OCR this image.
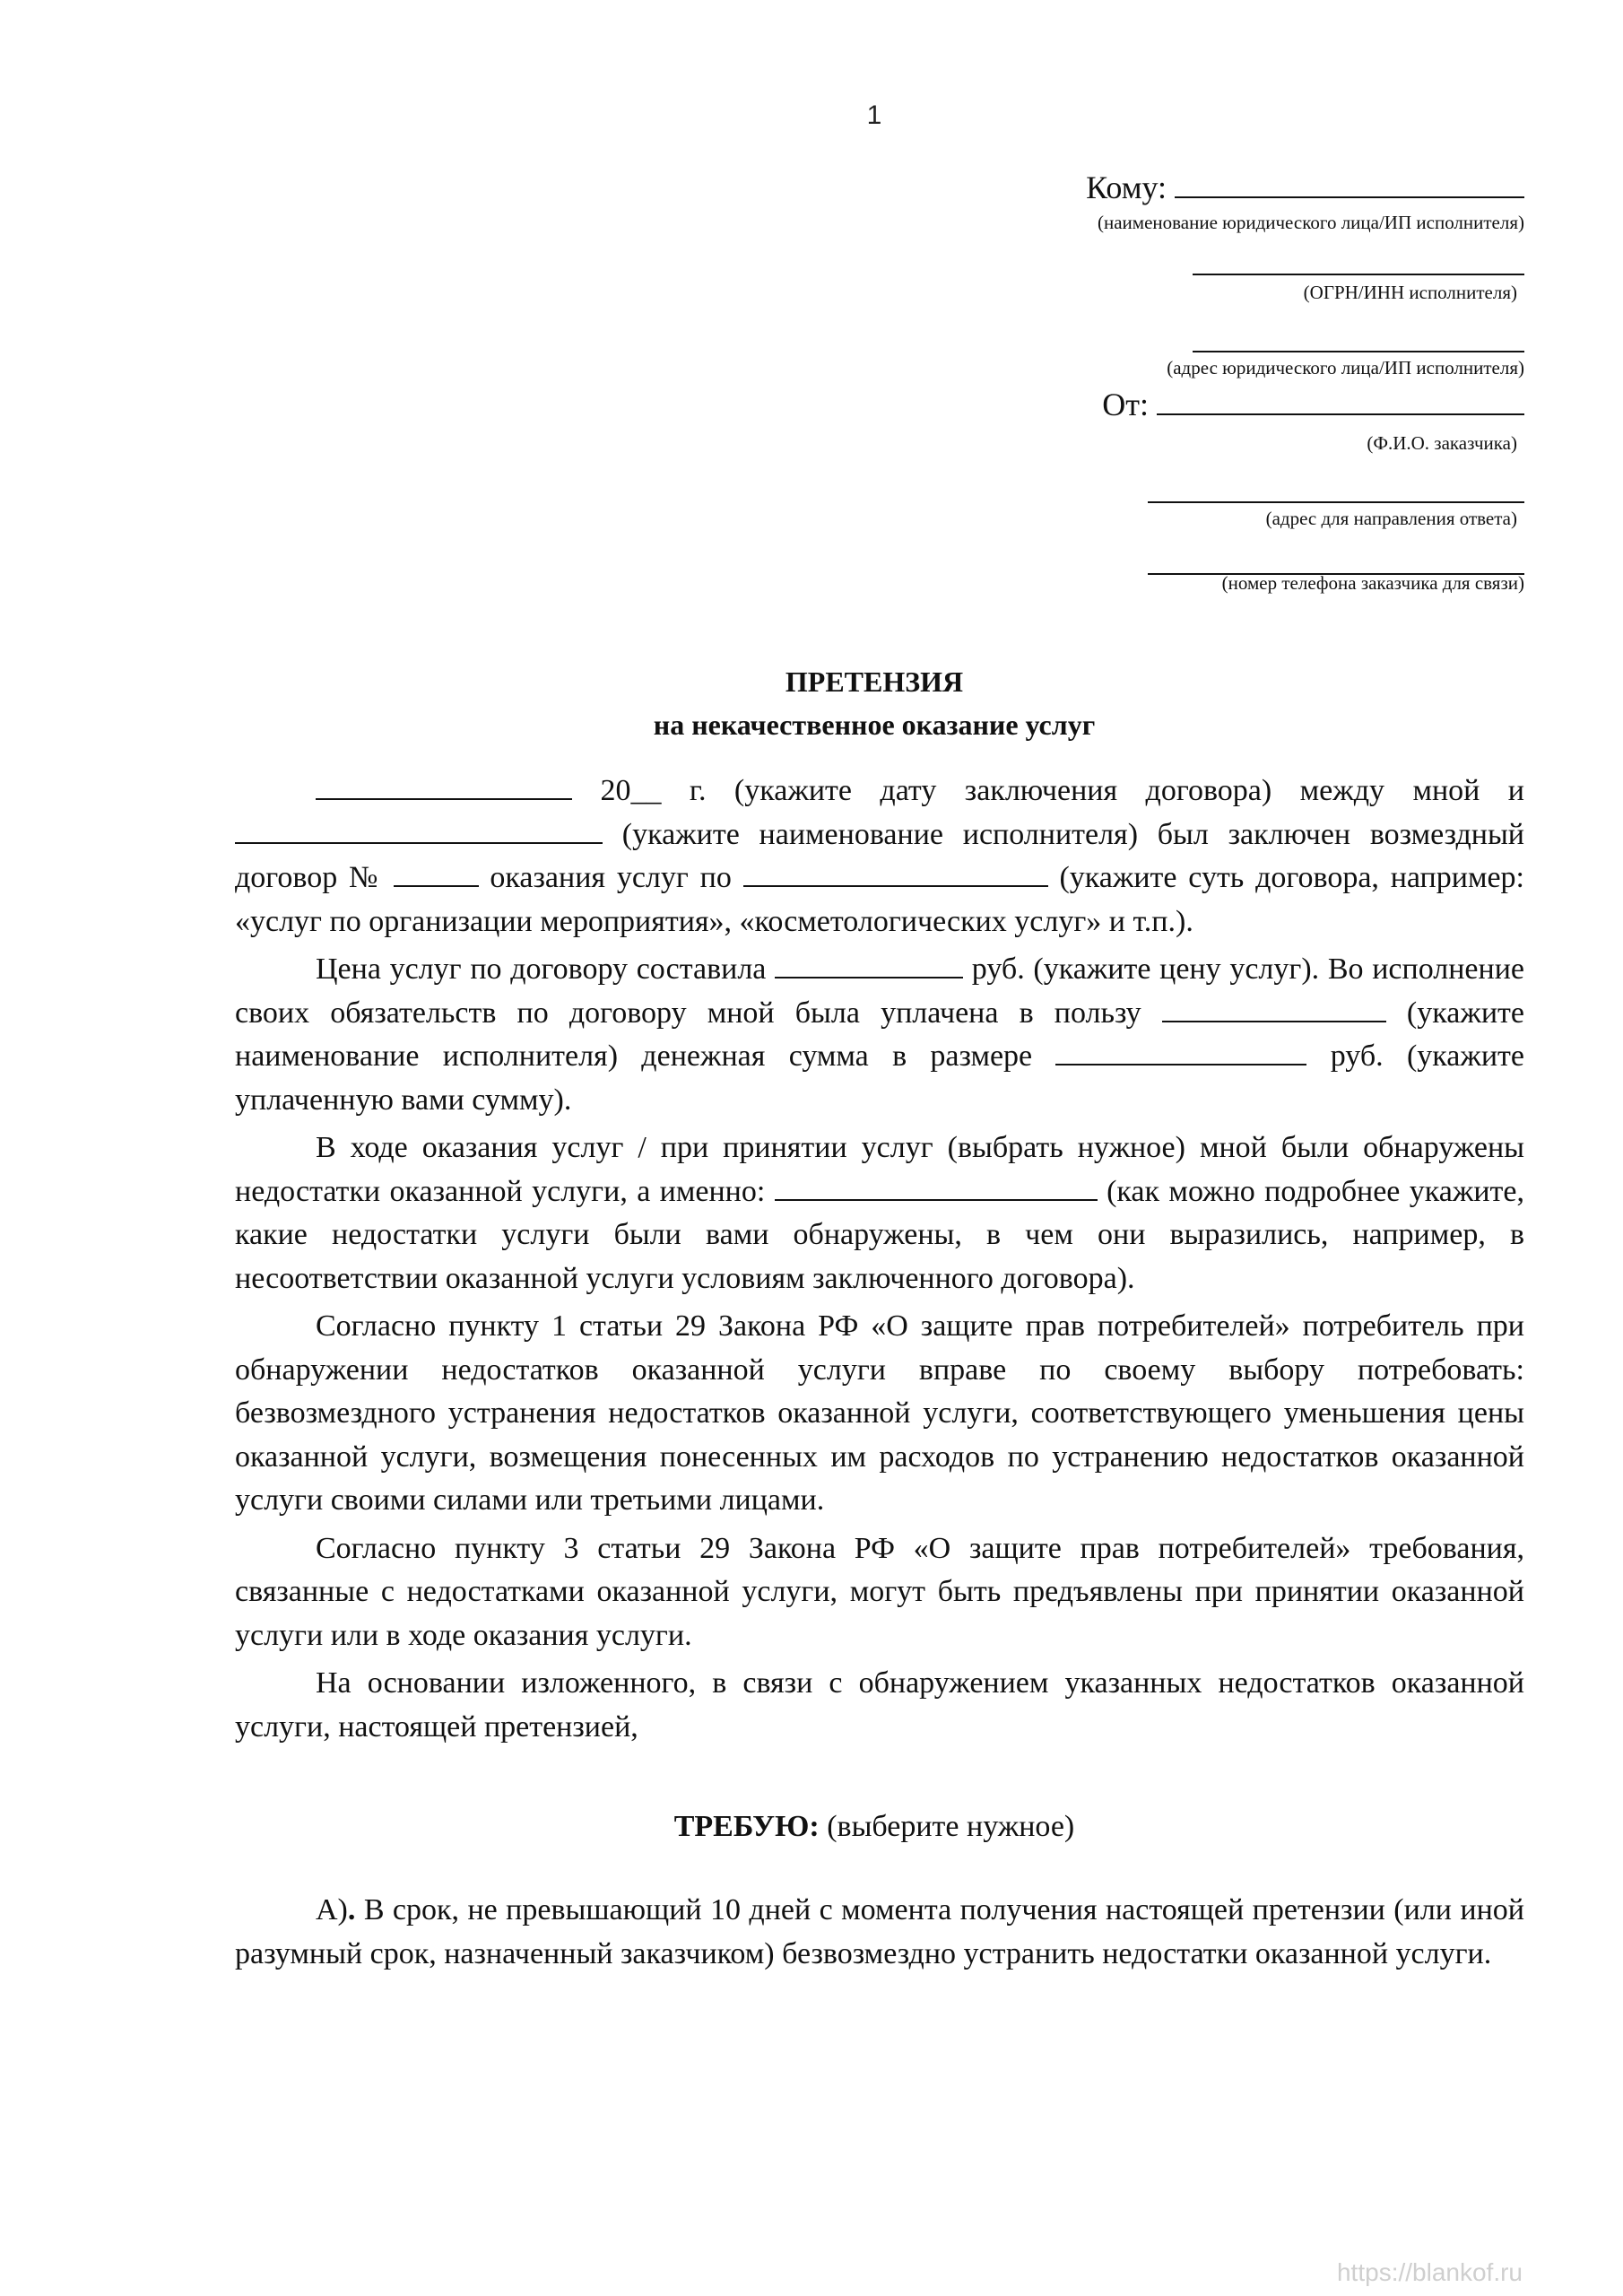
1
Кому:
(наименование юридического лица/ИП исполнителя)
(ОГРН/ИНН исполнителя)
(адрес юридического лица/ИП исполнителя)
От:
(Ф.И.О. заказчика)
(адрес для направления ответа)
(номер телефона заказчика для связи)
ПРЕТЕНЗИЯ
на некачественное оказание услуг

20__ г. (укажите дату заключения договора) между мной и  (укажите наименование исполнителя) был заключен возмездный договор №	оказания услуг по	(укажите суть договора, например: «услуг по организации мероприятия», «косметологических услуг» и т.п.).

Цена услуг по договору составила	руб. (укажите цену услуг). Во исполнение своих обязательств по договору мной была уплачена в пользу	(укажите наименование исполнителя) денежная сумма в размере	руб. (укажите уплаченную вами сумму).

В ходе оказания услуг / при принятии услуг (выбрать нужное) мной были обнаружены недостатки оказанной услуги, а именно:	(как можно подробнее укажите, какие недостатки услуги были вами обнаружены, в чем они выразились, например, в несоответствии оказанной услуги условиям заключенного договора).

Согласно пункту 1 статьи 29 Закона РФ «О защите прав потребителей» потребитель при обнаружении недостатков оказанной услуги вправе по своему выбору потребовать: безвозмездного устранения недостатков оказанной услуги, соответствующего уменьшения цены оказанной услуги, возмещения понесенных им расходов по устранению недостатков оказанной услуги своими силами или третьими лицами.

Согласно пункту 3 статьи 29 Закона РФ «О защите прав потребителей» требования, связанные с недостатками оказанной услуги, могут быть предъявлены при принятии оказанной услуги или в ходе оказания услуги.

На основании изложенного, в связи с обнаружением указанных недостатков оказанной услуги, настоящей претензией,

ТРЕБУЮ: (выберите нужное)

А). В срок, не превышающий 10 дней с момента получения настоящей претензии (или иной разумный срок, назначенный заказчиком) безвозмездно устранить недостатки оказанной услуги.

https://blankof.ru
